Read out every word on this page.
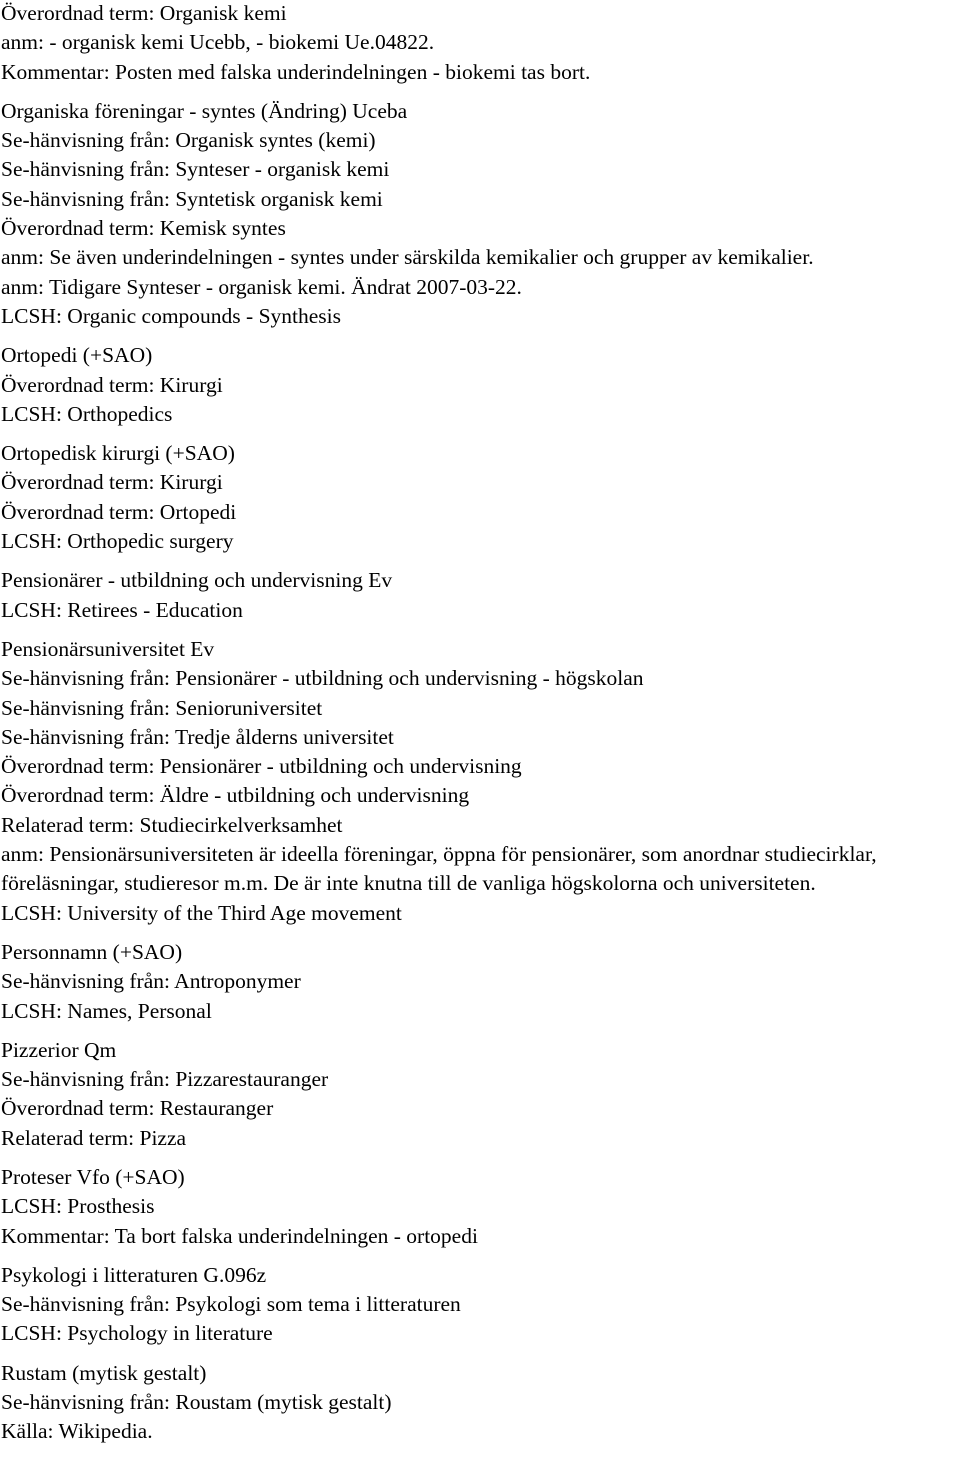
Överordnad term: Organisk kemi
anm: - organisk kemi Ucebb, - biokemi Ue.04822.
Kommentar: Posten med falska underindelningen - biokemi tas bort.
Organiska föreningar - syntes (Ändring) Uceba
Se-hänvisning från: Organisk syntes (kemi)
Se-hänvisning från: Synteser - organisk kemi
Se-hänvisning från: Syntetisk organisk kemi
Överordnad term: Kemisk syntes
anm: Se även underindelningen - syntes under särskilda kemikalier och grupper av kemikalier.
anm: Tidigare Synteser - organisk kemi. Ändrat 2007-03-22.
LCSH: Organic compounds - Synthesis
Ortopedi (+SAO)
Överordnad term: Kirurgi
LCSH: Orthopedics
Ortopedisk kirurgi (+SAO)
Överordnad term: Kirurgi
Överordnad term: Ortopedi
LCSH: Orthopedic surgery
Pensionärer - utbildning och undervisning Ev
LCSH: Retirees - Education
Pensionärsuniversitet Ev
Se-hänvisning från: Pensionärer - utbildning och undervisning - högskolan
Se-hänvisning från: Senioruniversitet
Se-hänvisning från: Tredje ålderns universitet
Överordnad term: Pensionärer - utbildning och undervisning
Överordnad term: Äldre - utbildning och undervisning
Relaterad term: Studiecirkelverksamhet
anm: Pensionärsuniversiteten är ideella föreningar, öppna för pensionärer, som anordnar studiecirklar, föreläsningar, studieresor m.m. De är inte knutna till de vanliga högskolorna och universiteten.
LCSH: University of the Third Age movement
Personnamn (+SAO)
Se-hänvisning från: Antroponymer
LCSH: Names, Personal
Pizzerior Qm
Se-hänvisning från: Pizzarestauranger
Överordnad term: Restauranger
Relaterad term: Pizza
Proteser Vfo (+SAO)
LCSH: Prosthesis
Kommentar: Ta bort falska underindelningen - ortopedi
Psykologi i litteraturen G.096z
Se-hänvisning från: Psykologi som tema i litteraturen
LCSH: Psychology in literature
Rustam (mytisk gestalt)
Se-hänvisning från: Roustam (mytisk gestalt)
Källa: Wikipedia.
